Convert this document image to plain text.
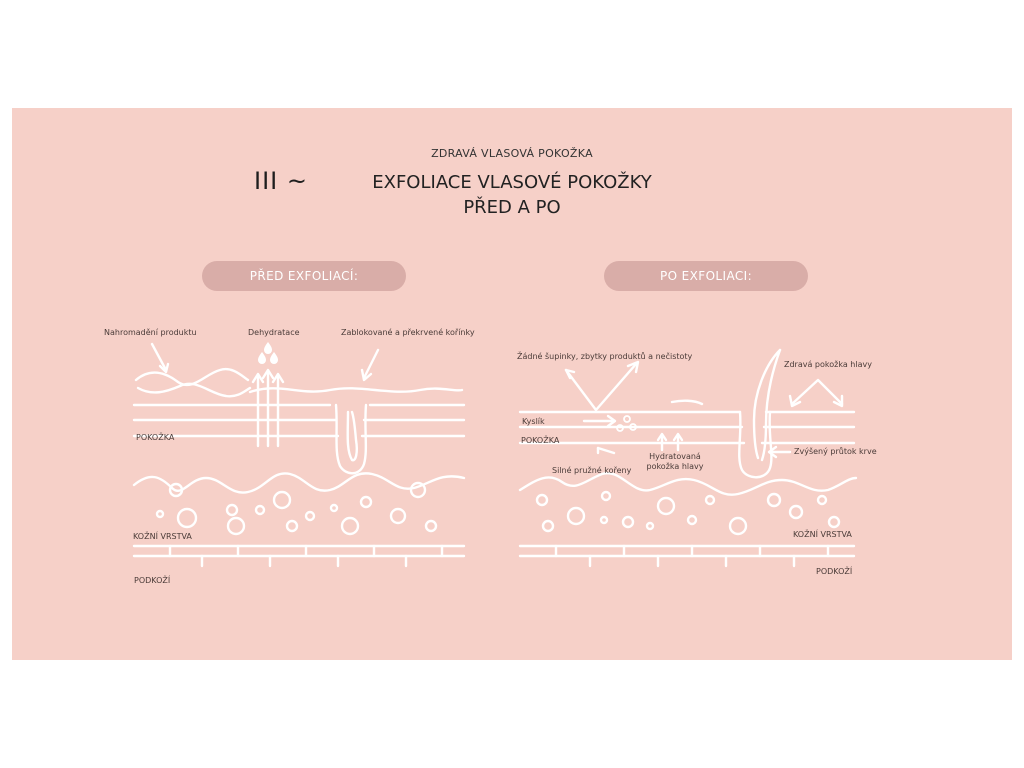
III ~
ZDRAVÁ VLASOVÁ POKOŽKA
EXFOLIACE VLASOVÉ POKOŽKY
PŘED A PO
PŘED EXFOLIACÍ:	PO EXFOLIACI:
Nahromadění produktu	Dehydratace	Zablokované a překrvené kořínky
POKOŽKA
KOŽNÍ VRSTVA
PODKOŽÍ
Žádné šupinky, zbytky produktů a nečistoty
Zdravá pokožka hlavy
Kyslík
POKOŽKA
Hydratovaná
pokožka hlavy
Silné pružné kořeny
Zvýšený průtok krve
KOŽNÍ VRSTVA
PODKOŽÍ
